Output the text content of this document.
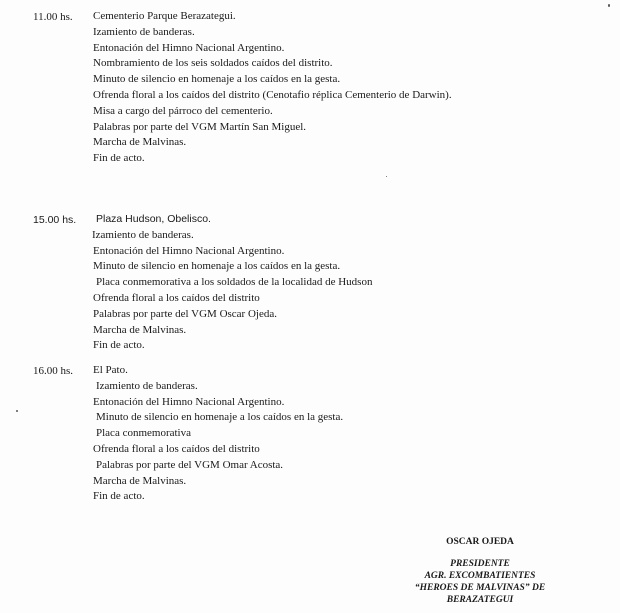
11.00 hs. Cementerio Parque Berazategui.
Izamiento de banderas.
Entonación del Himno Nacional Argentino.
Nombramiento de los seis soldados caídos del distrito.
Minuto de silencio en homenaje a los caídos en la gesta.
Ofrenda floral a los caídos del distrito (Cenotafio réplica Cementerio de Darwin).
Misa a cargo del párroco del cementerio.
Palabras por parte del VGM Martín San Miguel.
Marcha de Malvinas.
Fin de acto.
15.00 hs. Plaza Hudson, Obelisco.
Izamiento de banderas.
Entonación del Himno Nacional Argentino.
Minuto de silencio en homenaje a los caídos en la gesta.
Placa conmemorativa a los soldados de la localidad de Hudson
Ofrenda floral a los caídos del distrito
Palabras por parte del VGM Oscar Ojeda.
Marcha de Malvinas.
Fin de acto.
16.00 hs. El Pato.
Izamiento de banderas.
Entonación del Himno Nacional Argentino.
Minuto de silencio en homenaje a los caídos en la gesta.
Placa conmemorativa
Ofrenda floral a los caídos del distrito
Palabras por parte del VGM Omar Acosta.
Marcha de Malvinas.
Fin de acto.
OSCAR OJEDA
PRESIDENTE
AGR. EXCOMBATIENTES
“HEROES DE MALVINAS” DE
BERAZATEGUI
